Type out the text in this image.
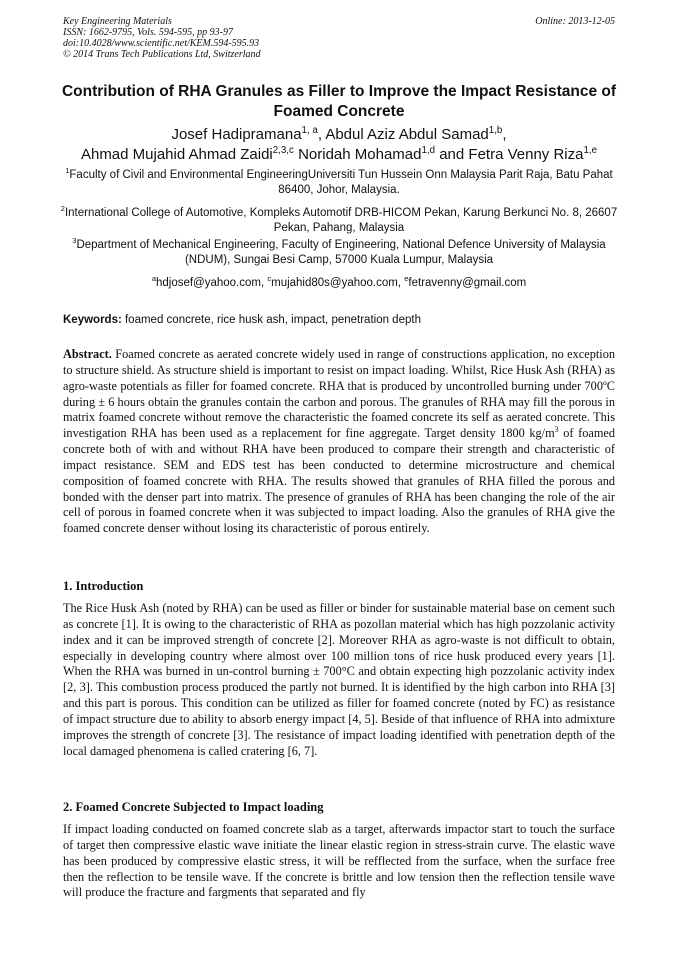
Key Engineering Materials
ISSN: 1662-9795, Vols. 594-595, pp 93-97
doi:10.4028/www.scientific.net/KEM.594-595.93
© 2014 Trans Tech Publications Ltd, Switzerland
Online: 2013-12-05
Contribution of RHA Granules as Filler to Improve the Impact Resistance of Foamed Concrete
Josef Hadipramana$^{1, a}$, Abdul Aziz Abdul Samad$^{1,b}$,
Ahmad Mujahid Ahmad Zaidi$^{2,3,c}$ Noridah Mohamad$^{1,d}$ and Fetra Venny Riza$^{1,e}$
$^1$Faculty of Civil and Environmental EngineeringUniversiti Tun Hussein Onn Malaysia Parit Raja, Batu Pahat 86400, Johor, Malaysia.
$^2$International College of Automotive, Kompleks Automotif DRB-HICOM Pekan, Karung Berkunci No. 8, 26607 Pekan, Pahang, Malaysia
$^3$Department of Mechanical Engineering, Faculty of Engineering, National Defence University of Malaysia (NDUM), Sungai Besi Camp, 57000 Kuala Lumpur, Malaysia
$^a$hdjosef@yahoo.com, $^c$mujahid80s@yahoo.com, $^e$fetravenny@gmail.com
Keywords: foamed concrete, rice husk ash, impact, penetration depth

Abstract. Foamed concrete as aerated concrete widely used in range of constructions application, no exception to structure shield. As structure shield is important to resist on impact loading. Whilst, Rice Husk Ash (RHA) as agro-waste potentials as filler for foamed concrete. RHA that is produced by uncontrolled burning under 700ºC during ± 6 hours obtain the granules contain the carbon and porous. The granules of RHA may fill the porous in matrix foamed concrete without remove the characteristic the foamed concrete its self as aerated concrete. This investigation RHA has been used as a replacement for fine aggregate. Target density 1800 $kg/m^3$ of foamed concrete both of with and without RHA have been produced to compare their strength and characteristic of impact resistance. SEM and EDS test has been conducted to determine microstructure and chemical composition of foamed concrete with RHA. The results showed that granules of RHA filled the porous and bonded with the denser part into matrix. The presence of granules of RHA has been changing the role of the air cell of porous in foamed concrete when it was subjected to impact loading. Also the granules of RHA give the foamed concrete denser without losing its characteristic of porous entirely.

1. Introduction

The Rice Husk Ash (noted by RHA) can be used as filler or binder for sustainable material base on cement such as concrete [1]. It is owing to the characteristic of RHA as pozollan material which has high pozzolanic activity index and it can be improved strength of concrete [2]. Moreover RHA as agro-waste is not difficult to obtain, especially in developing country where almost over 100 million tons of rice husk produced every years [1]. When the RHA was burned in un-control burning ± 700°C and obtain expecting high pozzolanic activity index [2, 3]. This combustion process produced the partly not burned. It is identified by the high carbon into RHA [3] and this part is porous. This condition can be utilized as filler for foamed concrete (noted by FC) as resistance of impact structure due to ability to absorb energy impact [4, 5]. Beside of that influence of RHA into admixture improves the strength of concrete [3]. The resistance of impact loading identified with penetration depth of the local damaged phenomena is called cratering [6, 7].

2. Foamed Concrete Subjected to Impact loading

If impact loading conducted on foamed concrete slab as a target, afterwards impactor start to touch the surface of target then compressive elastic wave initiate the linear elastic region in stress-strain curve. The elastic wave has been produced by compressive elastic stress, it will be refflected from the surface, when the surface free then the reflection to be tensile wave. If the concrete is brittle and low tension then the reflection tensile wave will produce the fracture and fargments that separated and fly
